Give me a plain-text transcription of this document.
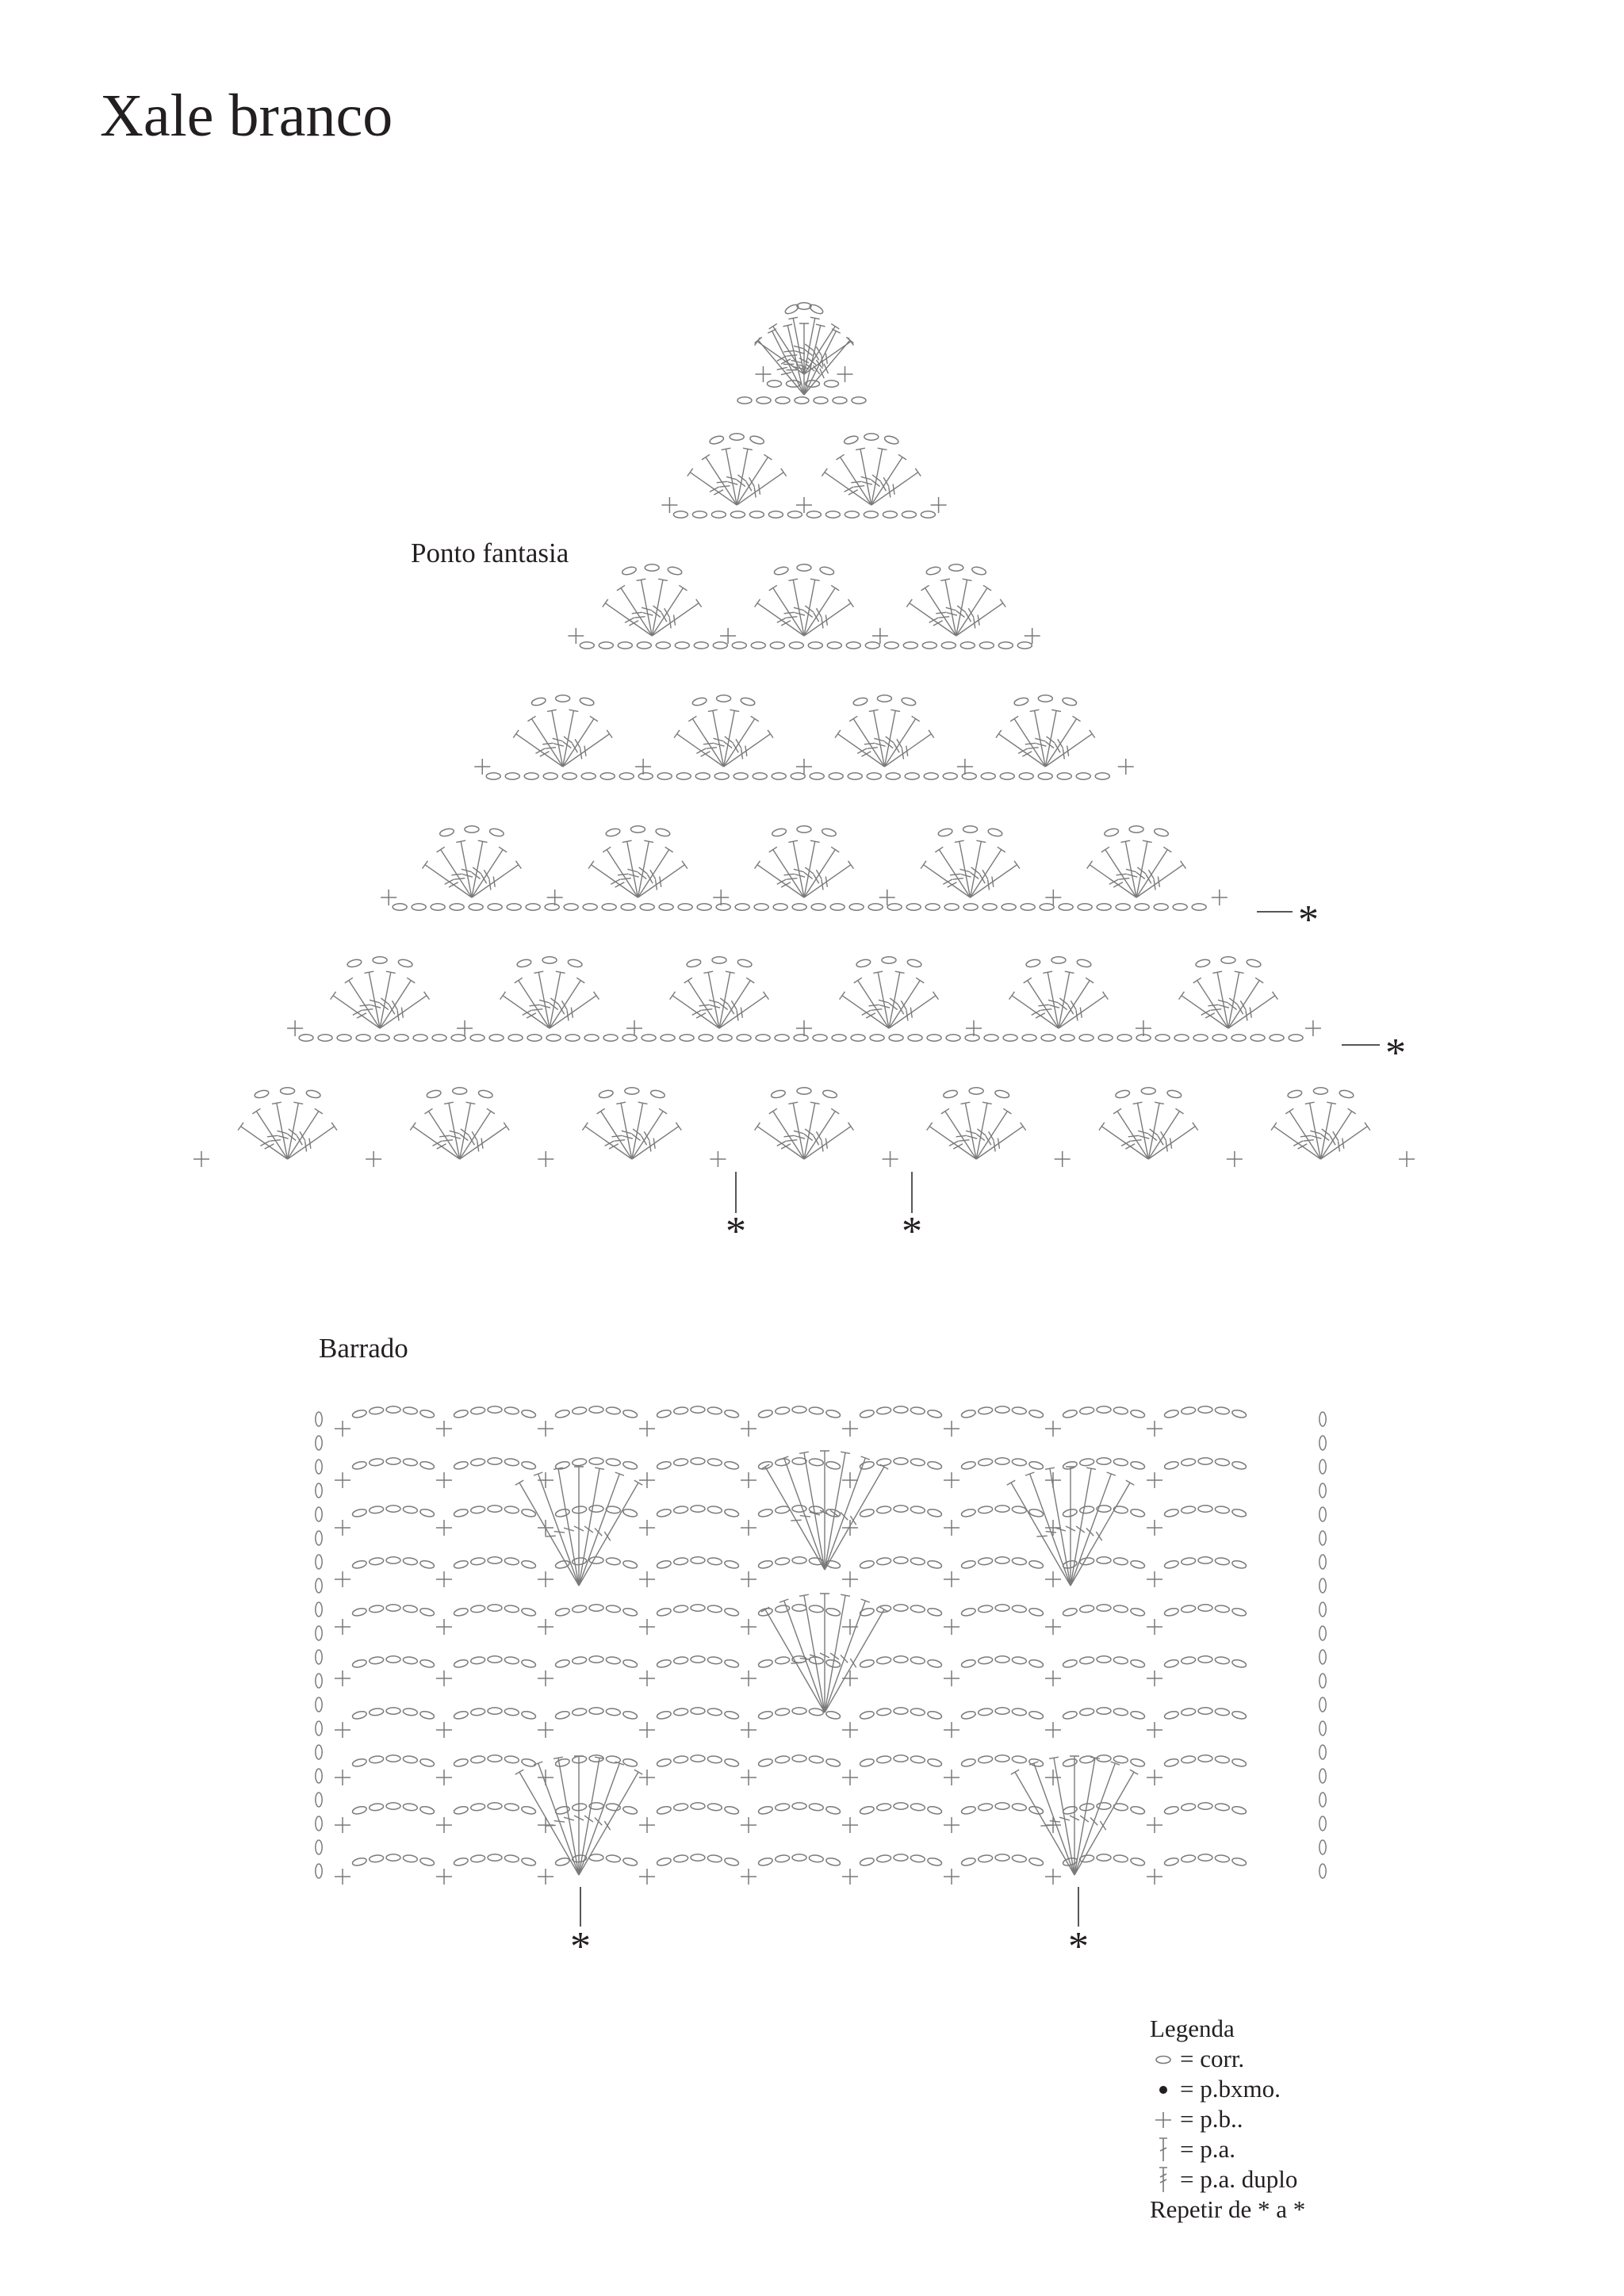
Xale branco
Ponto fantasia
Barrado
*
*
*	*
*	*
Legenda
= corr.
= p.bxmo.
= p.b..
= p.a.
= p.a. duplo
Repetir de * a *
